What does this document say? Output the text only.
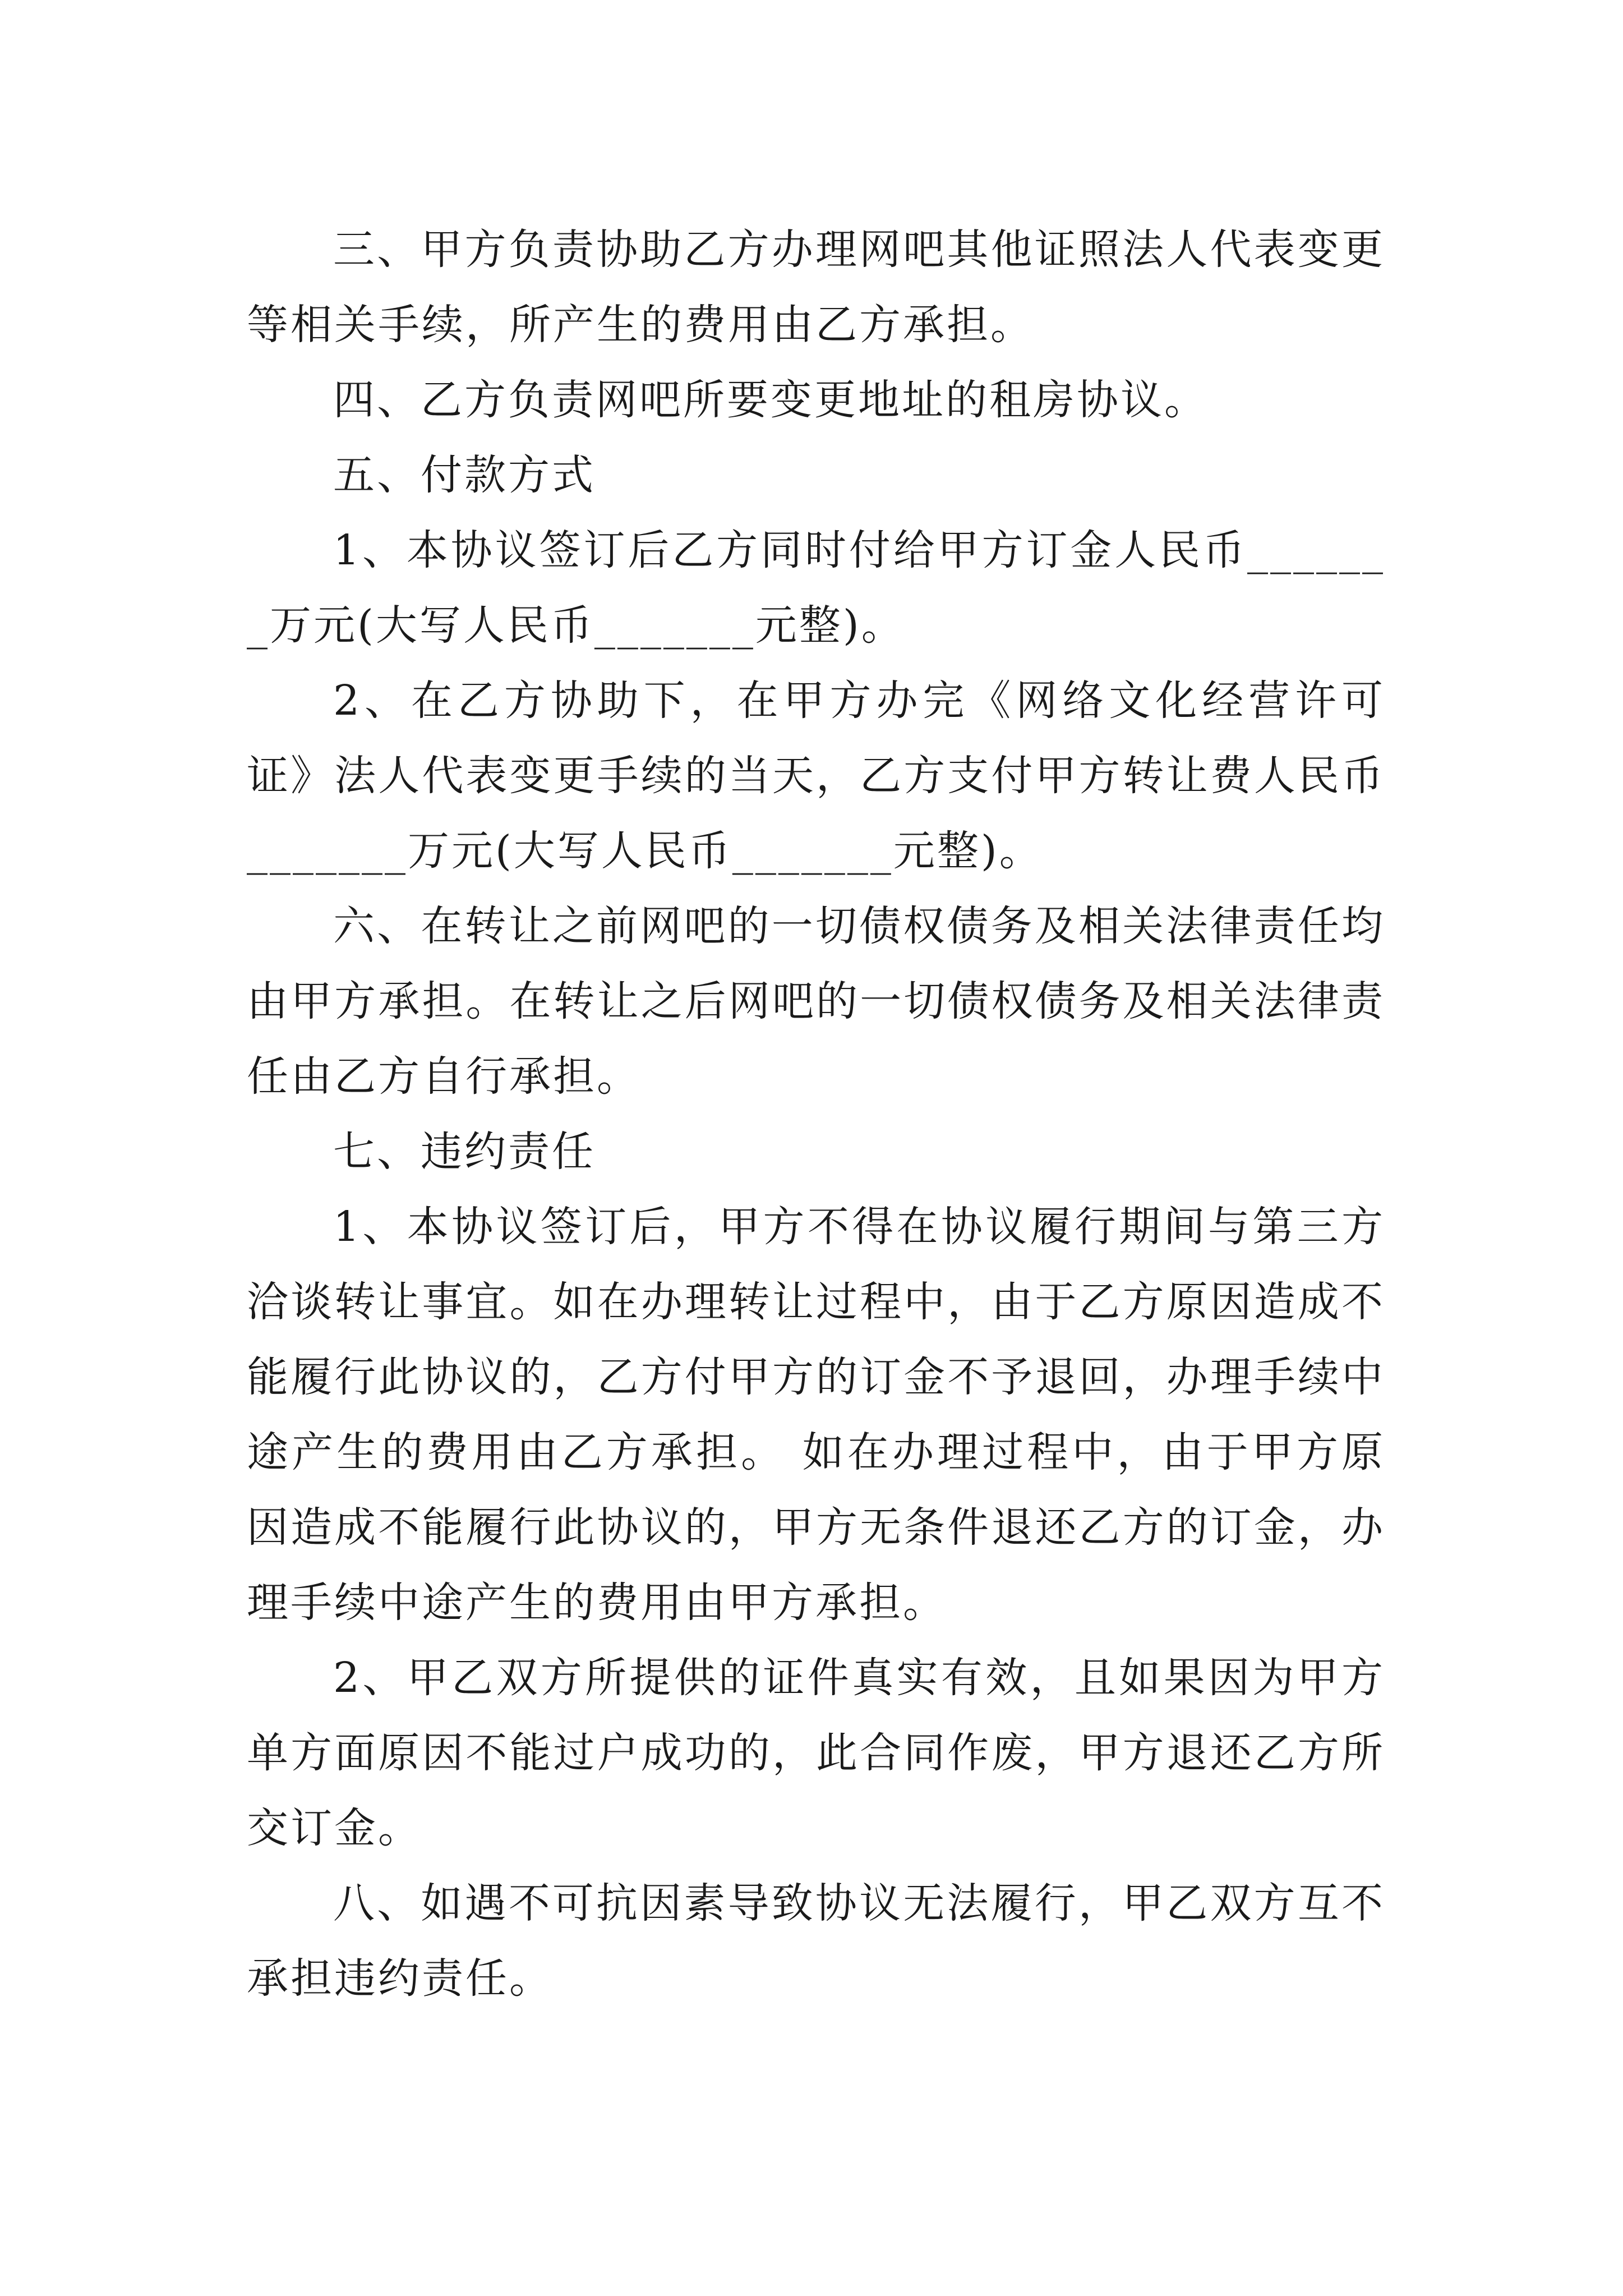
三、甲方负责协助乙方办理网吧其他证照法人代表变更等相关手续，所产生的费用由乙方承担。

四、乙方负责网吧所要变更地址的租房协议。

五、付款方式

1、本协议签订后乙方同时付给甲方订金人民币_______万元(大写人民币_______元整)。

2、在乙方协助下，在甲方办完《网络文化经营许可证》法人代表变更手续的当天，乙方支付甲方转让费人民币_______万元(大写人民币_______元整)。

六、在转让之前网吧的一切债权债务及相关法律责任均由甲方承担。在转让之后网吧的一切债权债务及相关法律责任由乙方自行承担。

七、违约责任

1、本协议签订后，甲方不得在协议履行期间与第三方洽谈转让事宜。如在办理转让过程中，由于乙方原因造成不能履行此协议的，乙方付甲方的订金不予退回，办理手续中途产生的费用由乙方承担。 如在办理过程中，由于甲方原因造成不能履行此协议的，甲方无条件退还乙方的订金，办理手续中途产生的费用由甲方承担。

2、甲乙双方所提供的证件真实有效，且如果因为甲方单方面原因不能过户成功的，此合同作废，甲方退还乙方所交订金。

八、如遇不可抗因素导致协议无法履行，甲乙双方互不承担违约责任。
